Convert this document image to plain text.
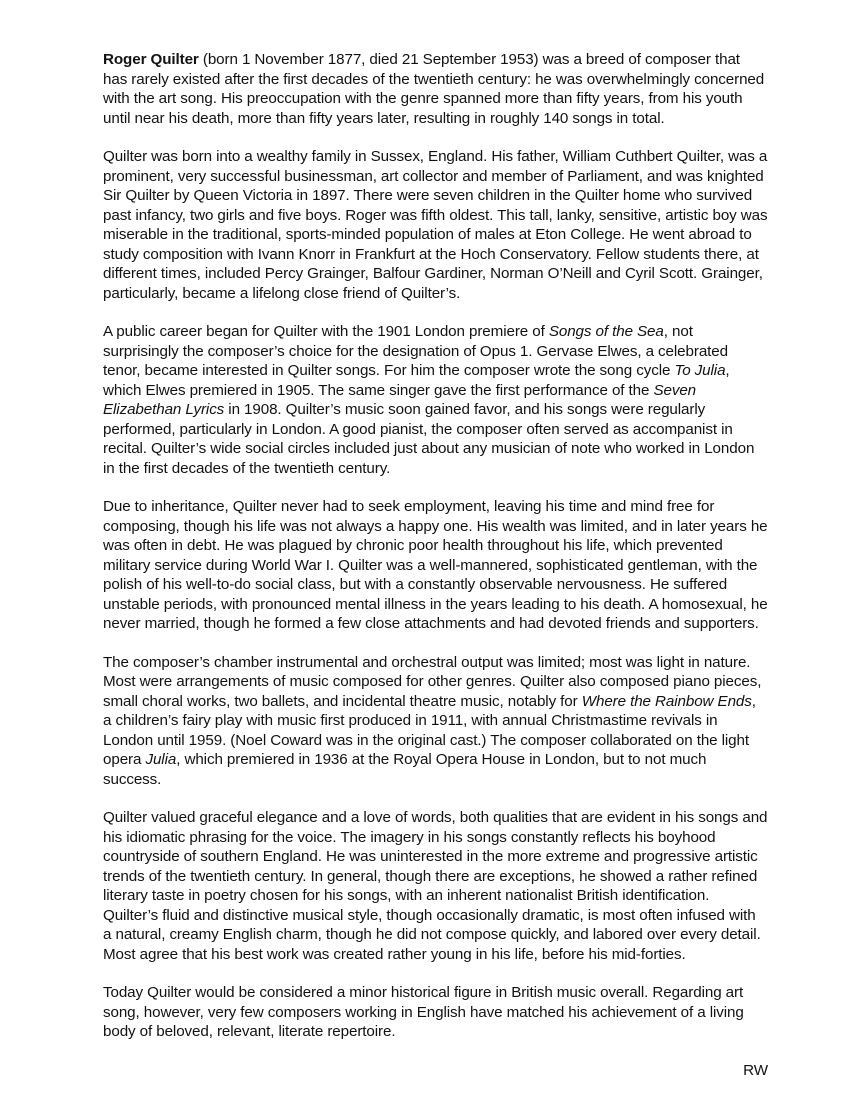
Roger Quilter (born 1 November 1877, died 21 September 1953) was a breed of composer that has rarely existed after the first decades of the twentieth century: he was overwhelmingly concerned with the art song. His preoccupation with the genre spanned more than fifty years, from his youth until near his death, more than fifty years later, resulting in roughly 140 songs in total.

Quilter was born into a wealthy family in Sussex, England. His father, William Cuthbert Quilter, was a prominent, very successful businessman, art collector and member of Parliament, and was knighted Sir Quilter by Queen Victoria in 1897. There were seven children in the Quilter home who survived past infancy, two girls and five boys. Roger was fifth oldest. This tall, lanky, sensitive, artistic boy was miserable in the traditional, sports-minded population of males at Eton College. He went abroad to study composition with Ivann Knorr in Frankfurt at the Hoch Conservatory. Fellow students there, at different times, included Percy Grainger, Balfour Gardiner, Norman O’Neill and Cyril Scott. Grainger, particularly, became a lifelong close friend of Quilter’s.

A public career began for Quilter with the 1901 London premiere of Songs of the Sea, not surprisingly the composer’s choice for the designation of Opus 1. Gervase Elwes, a celebrated tenor, became interested in Quilter songs. For him the composer wrote the song cycle To Julia, which Elwes premiered in 1905. The same singer gave the first performance of the Seven Elizabethan Lyrics in 1908. Quilter’s music soon gained favor, and his songs were regularly performed, particularly in London. A good pianist, the composer often served as accompanist in recital. Quilter’s wide social circles included just about any musician of note who worked in London in the first decades of the twentieth century.

Due to inheritance, Quilter never had to seek employment, leaving his time and mind free for composing, though his life was not always a happy one. His wealth was limited, and in later years he was often in debt. He was plagued by chronic poor health throughout his life, which prevented military service during World War I. Quilter was a well-mannered, sophisticated gentleman, with the polish of his well-to-do social class, but with a constantly observable nervousness. He suffered unstable periods, with pronounced mental illness in the years leading to his death. A homosexual, he never married, though he formed a few close attachments and had devoted friends and supporters.

The composer’s chamber instrumental and orchestral output was limited; most was light in nature. Most were arrangements of music composed for other genres. Quilter also composed piano pieces, small choral works, two ballets, and incidental theatre music, notably for Where the Rainbow Ends, a children’s fairy play with music first produced in 1911, with annual Christmastime revivals in London until 1959. (Noel Coward was in the original cast.) The composer collaborated on the light opera Julia, which premiered in 1936 at the Royal Opera House in London, but to not much success.

Quilter valued graceful elegance and a love of words, both qualities that are evident in his songs and his idiomatic phrasing for the voice. The imagery in his songs constantly reflects his boyhood countryside of southern England. He was uninterested in the more extreme and progressive artistic trends of the twentieth century. In general, though there are exceptions, he showed a rather refined literary taste in poetry chosen for his songs, with an inherent nationalist British identification. Quilter’s fluid and distinctive musical style, though occasionally dramatic, is most often infused with a natural, creamy English charm, though he did not compose quickly, and labored over every detail. Most agree that his best work was created rather young in his life, before his mid-forties.

Today Quilter would be considered a minor historical figure in British music overall. Regarding art song, however, very few composers working in English have matched his achievement of a living body of beloved, relevant, literate repertoire.

RW
